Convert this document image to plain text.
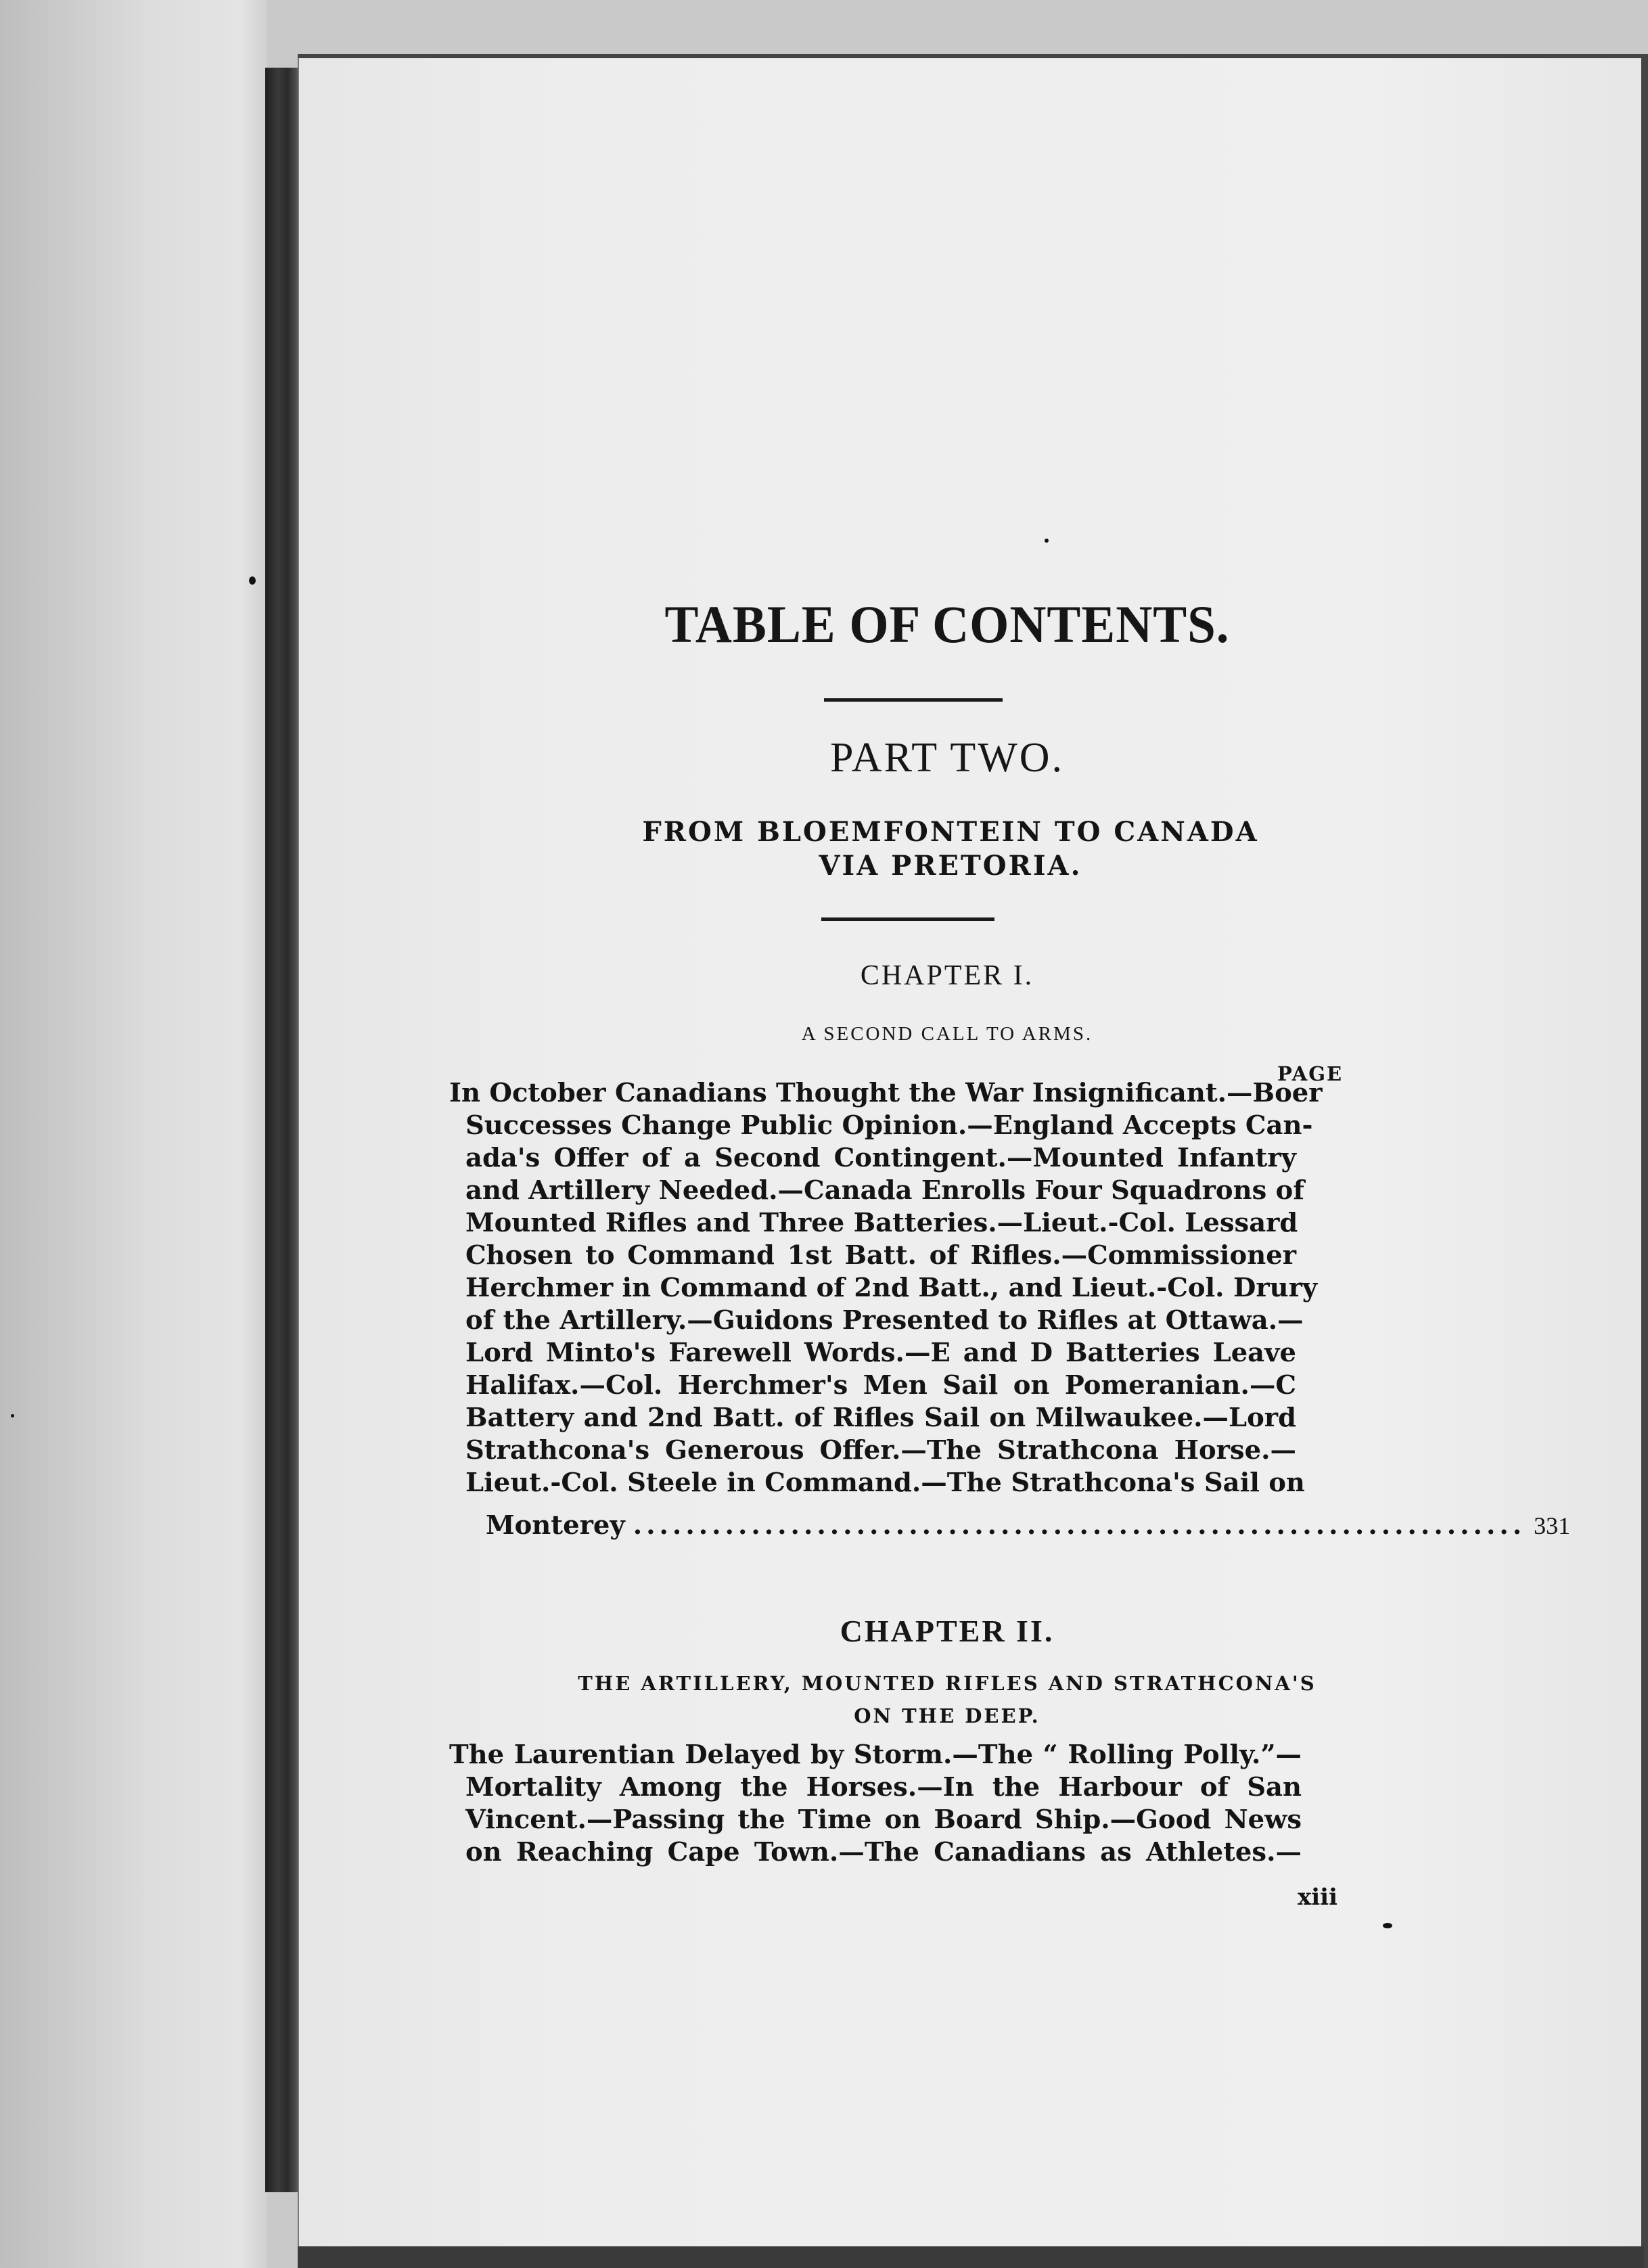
TABLE OF CONTENTS.
PART TWO.
FROM BLOEMFONTEIN TO CANADA
VIA PRETORIA.
CHAPTER I.
A SECOND CALL TO ARMS.
PAGE
In October Canadians Thought the War Insignificant.—Boer
Successes Change Public Opinion.—England Accepts Can-
ada's Offer of a Second Contingent.—Mounted Infantry
and Artillery Needed.—Canada Enrolls Four Squadrons of
Mounted Rifles and Three Batteries.—Lieut.-Col. Lessard
Chosen to Command 1st Batt. of Rifles.—Commissioner
Herchmer in Command of 2nd Batt., and Lieut.-Col. Drury
of the Artillery.—Guidons Presented to Rifles at Ottawa.—
Lord Minto's Farewell Words.—E and D Batteries Leave
Halifax.—Col. Herchmer's Men Sail on Pomeranian.—C
Battery and 2nd Batt. of Rifles Sail on Milwaukee.—Lord
Strathcona's Generous Offer.—The Strathcona Horse.—
Lieut.-Col. Steele in Command.—The Strathcona's Sail on
Monterey .................................................................... 331
CHAPTER II.
THE ARTILLERY, MOUNTED RIFLES AND STRATHCONA'S
ON THE DEEP.
The Laurentian Delayed by Storm.—The “ Rolling Polly.”—
Mortality Among the Horses.—In the Harbour of San
Vincent.—Passing the Time on Board Ship.—Good News
on Reaching Cape Town.—The Canadians as Athletes.—
xiii
